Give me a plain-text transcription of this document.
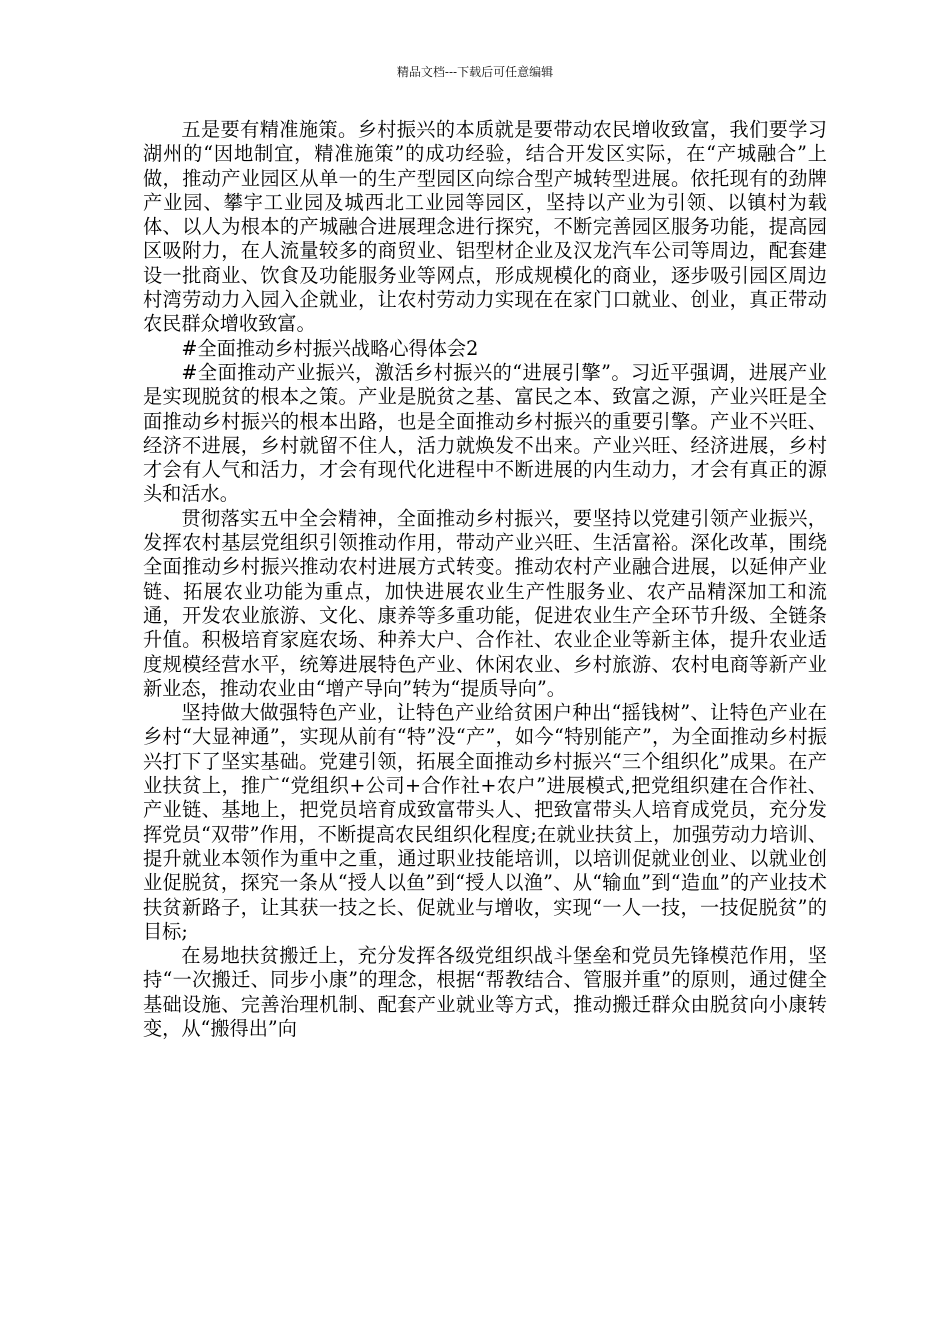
精品文档---下载后可任意编辑

五是要有精准施策。乡村振兴的本质就是要带动农民增收致富，我们要学习湖州的“因地制宜，精准施策”的成功经验，结合开发区实际，在“产城融合”上做，推动产业园区从单一的生产型园区向综合型产城转型进展。依托现有的劲牌产业园、攀宇工业园及城西北工业园等园区，坚持以产业为引领、以镇村为载体、以人为根本的产城融合进展理念进行探究，不断完善园区服务功能，提高园区吸附力，在人流量较多的商贸业、铝型材企业及汉龙汽车公司等周边，配套建设一批商业、饮食及功能服务业等网点，形成规模化的商业，逐步吸引园区周边村湾劳动力入园入企就业，让农村劳动力实现在在家门口就业、创业，真正带动农民群众增收致富。

#全面推动乡村振兴战略心得体会2

#全面推动产业振兴，激活乡村振兴的“进展引擎”。习近平强调，进展产业是实现脱贫的根本之策。产业是脱贫之基、富民之本、致富之源，产业兴旺是全面推动乡村振兴的根本出路，也是全面推动乡村振兴的重要引擎。产业不兴旺、经济不进展，乡村就留不住人，活力就焕发不出来。产业兴旺、经济进展，乡村才会有人气和活力，才会有现代化进程中不断进展的内生动力，才会有真正的源头和活水。

贯彻落实五中全会精神，全面推动乡村振兴，要坚持以党建引领产业振兴，发挥农村基层党组织引领推动作用，带动产业兴旺、生活富裕。深化改革，围绕全面推动乡村振兴推动农村进展方式转变。推动农村产业融合进展，以延伸产业链、拓展农业功能为重点，加快进展农业生产性服务业、农产品精深加工和流通，开发农业旅游、文化、康养等多重功能，促进农业生产全环节升级、全链条升值。积极培育家庭农场、种养大户、合作社、农业企业等新主体，提升农业适度规模经营水平，统筹进展特色产业、休闲农业、乡村旅游、农村电商等新产业新业态，推动农业由“增产导向”转为“提质导向”。

坚持做大做强特色产业，让特色产业给贫困户种出“摇钱树”、让特色产业在乡村“大显神通”，实现从前有“特”没“产”，如今“特别能产”，为全面推动乡村振兴打下了坚实基础。党建引领，拓展全面推动乡村振兴“三个组织化”成果。在产业扶贫上，推广“党组织+公司+合作社+农户”进展模式,把党组织建在合作社、产业链、基地上，把党员培育成致富带头人、把致富带头人培育成党员，充分发挥党员“双带”作用，不断提高农民组织化程度;在就业扶贫上，加强劳动力培训、提升就业本领作为重中之重，通过职业技能培训，以培训促就业创业、以就业创业促脱贫，探究一条从“授人以鱼”到“授人以渔”、从“输血”到“造血”的产业技术扶贫新路子，让其获一技之长、促就业与增收，实现“一人一技，一技促脱贫”的目标;

在易地扶贫搬迁上，充分发挥各级党组织战斗堡垒和党员先锋模范作用，坚持“一次搬迁、同步小康”的理念，根据“帮教结合、管服并重”的原则，通过健全基础设施、完善治理机制、配套产业就业等方式，推动搬迁群众由脱贫向小康转变，从“搬得出”向
